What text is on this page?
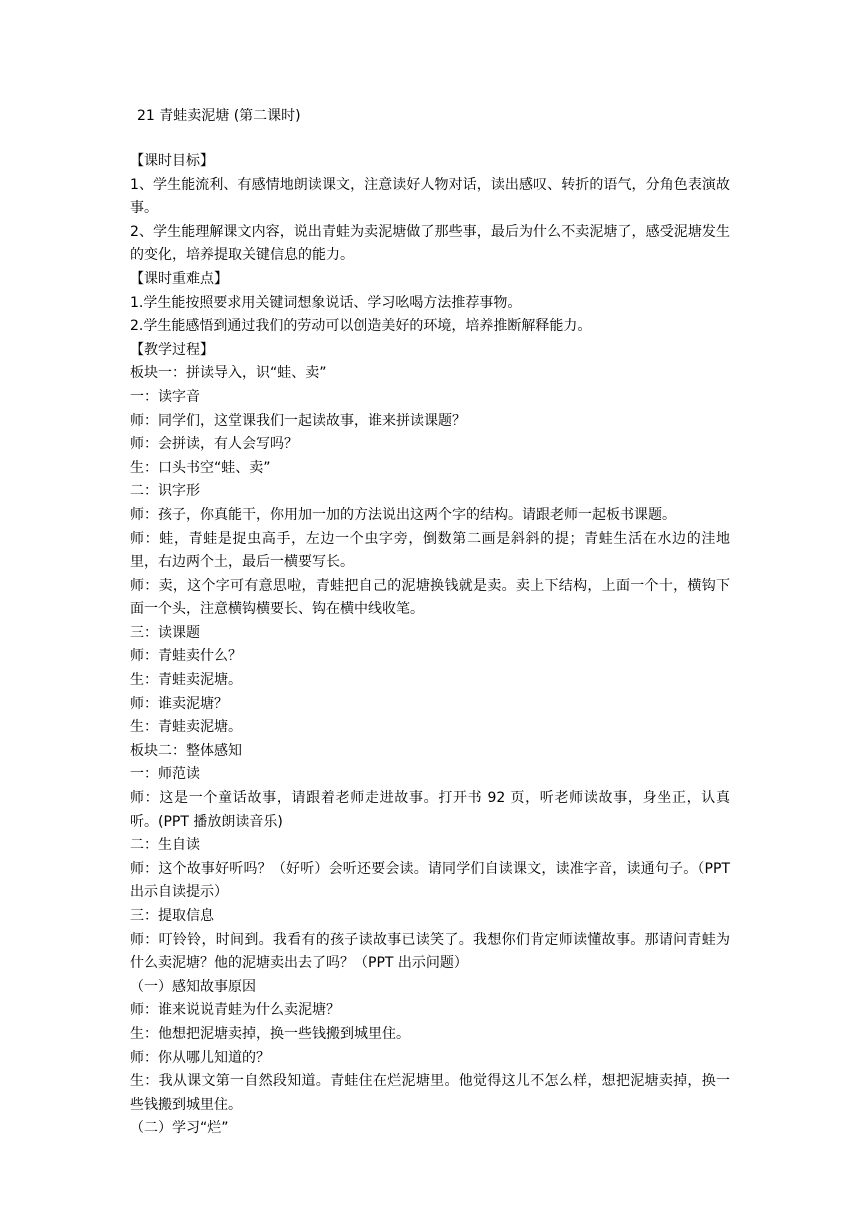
21 青蛙卖泥塘 (第二课时)
【课时目标】
1、学生能流利、有感情地朗读课文，注意读好人物对话，读出感叹、转折的语气，分角色表演故事。
2、学生能理解课文内容，说出青蛙为卖泥塘做了那些事，最后为什么不卖泥塘了，感受泥塘发生的变化，培养提取关键信息的能力。
【课时重难点】
1.学生能按照要求用关键词想象说话、学习吆喝方法推荐事物。
2.学生能感悟到通过我们的劳动可以创造美好的环境，培养推断解释能力。
【教学过程】
板块一：拼读导入，识“蛙、卖”
一：读字音
师：同学们，这堂课我们一起读故事，谁来拼读课题？
师：会拼读，有人会写吗？
生：口头书空“蛙、卖”
二：识字形
师：孩子，你真能干，你用加一加的方法说出这两个字的结构。请跟老师一起板书课题。
师：蛙，青蛙是捉虫高手，左边一个虫字旁，倒数第二画是斜斜的提；青蛙生活在水边的洼地里，右边两个土，最后一横要写长。
师：卖，这个字可有意思啦，青蛙把自己的泥塘换钱就是卖。卖上下结构，上面一个十，横钩下面一个头，注意横钩横要长、钩在横中线收笔。
三：读课题
师：青蛙卖什么？
生：青蛙卖泥塘。
师：谁卖泥塘？
生：青蛙卖泥塘。
板块二：整体感知
一：师范读
师：这是一个童话故事，请跟着老师走进故事。打开书 92 页，听老师读故事，身坐正，认真听。(PPT 播放朗读音乐)
二：生自读
师：这个故事好听吗？（好听）会听还要会读。请同学们自读课文，读准字音，读通句子。（PPT 出示自读提示）
三：提取信息
师：叮铃铃，时间到。我看有的孩子读故事已读笑了。我想你们肯定师读懂故事。那请问青蛙为什么卖泥塘？他的泥塘卖出去了吗？（PPT 出示问题）
（一）感知故事原因
师：谁来说说青蛙为什么卖泥塘？
生：他想把泥塘卖掉，换一些钱搬到城里住。
师：你从哪儿知道的？
生：我从课文第一自然段知道。青蛙住在烂泥塘里。他觉得这儿不怎么样，想把泥塘卖掉，换一些钱搬到城里住。
（二）学习“烂”
